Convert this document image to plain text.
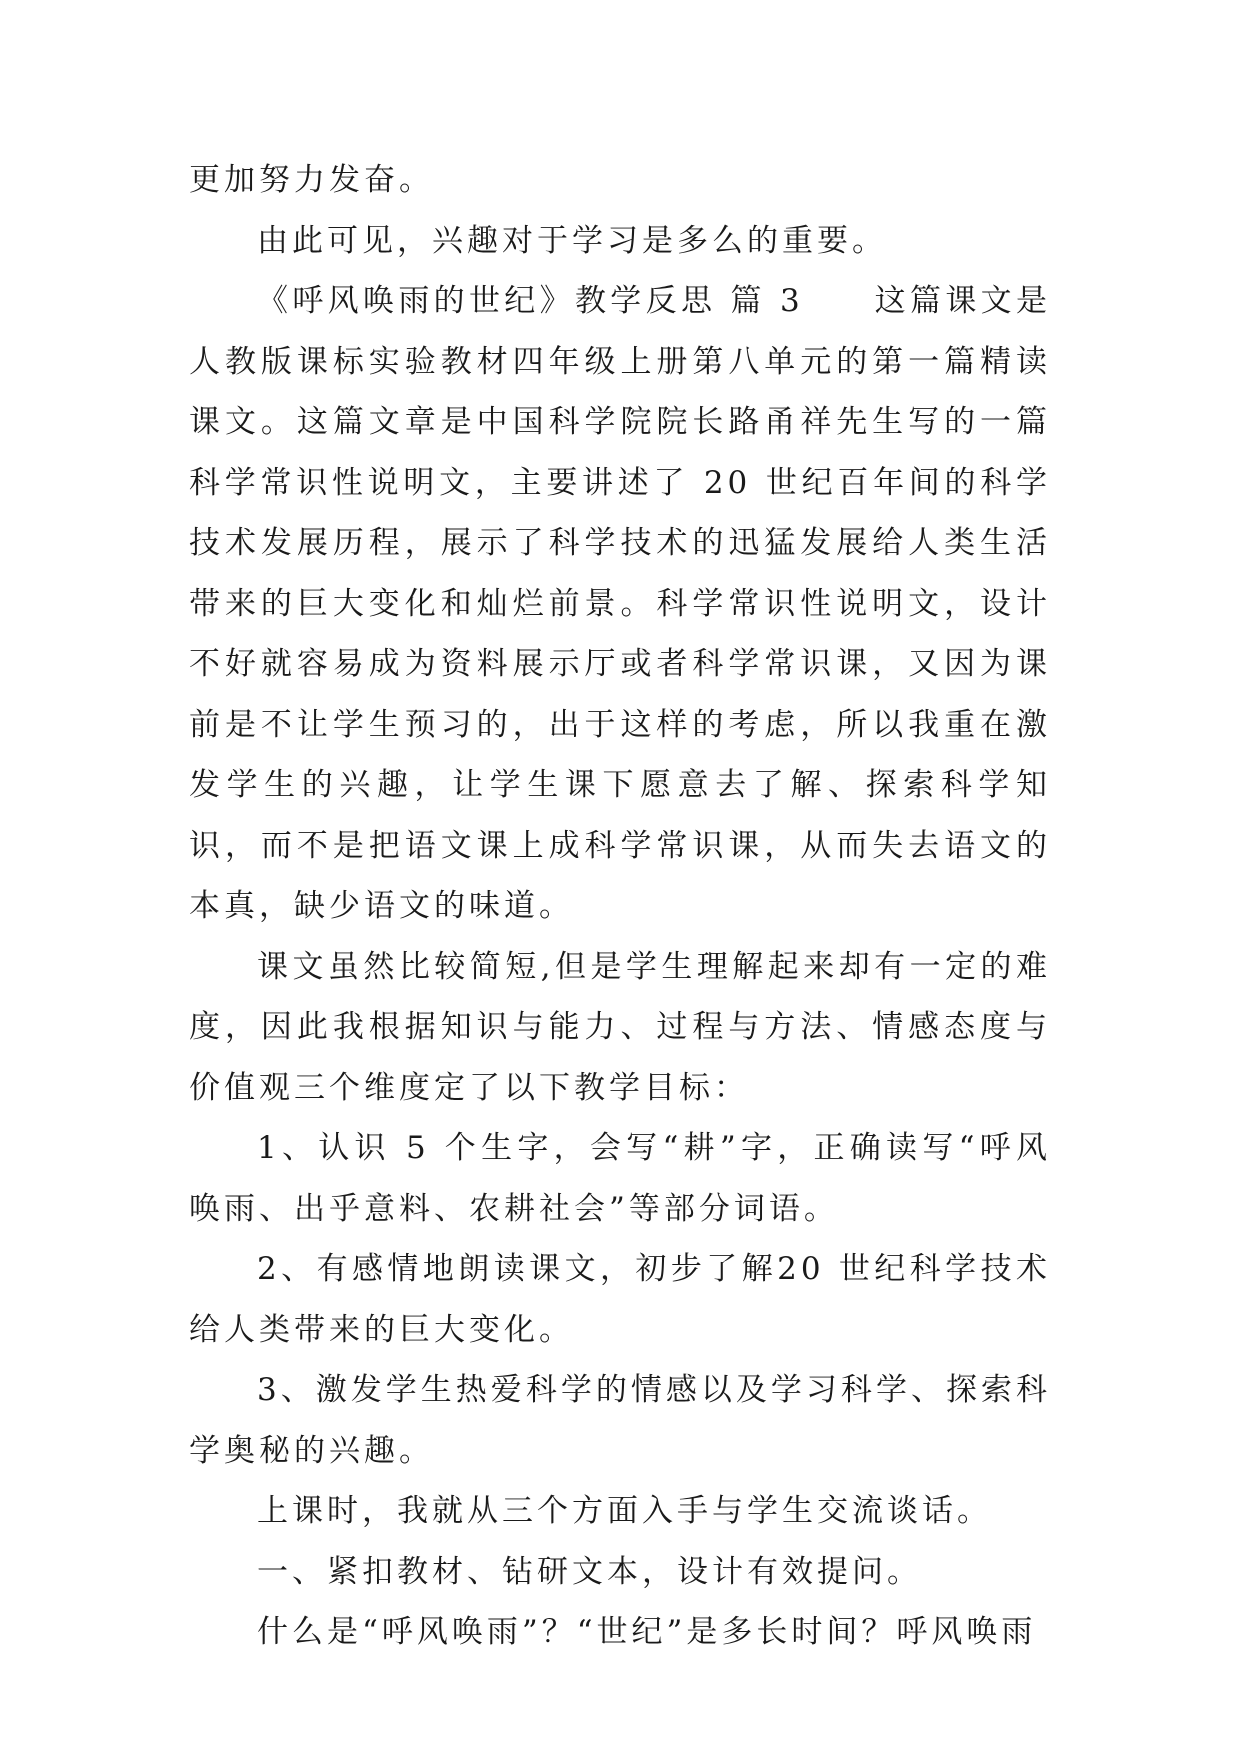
更加努力发奋。

由此可见，兴趣对于学习是多么的重要。

《呼风唤雨的世纪》教学反思 篇 3　　这篇课文是人教版课标实验教材四年级上册第八单元的第一篇精读课文。这篇文章是中国科学院院长路甬祥先生写的一篇科学常识性说明文，主要讲述了 20 世纪百年间的科学技术发展历程，展示了科学技术的迅猛发展给人类生活带来的巨大变化和灿烂前景。科学常识性说明文，设计不好就容易成为资料展示厅或者科学常识课，又因为课前是不让学生预习的，出于这样的考虑，所以我重在激发学生的兴趣，让学生课下愿意去了解、探索科学知识，而不是把语文课上成科学常识课，从而失去语文的本真，缺少语文的味道。

课文虽然比较简短,但是学生理解起来却有一定的难度，因此我根据知识与能力、过程与方法、情感态度与价值观三个维度定了以下教学目标：

1、认识 5 个生字，会写“耕”字，正确读写“呼风唤雨、出乎意料、农耕社会”等部分词语。

2、有感情地朗读课文，初步了解20 世纪科学技术给人类带来的巨大变化。

3、激发学生热爱科学的情感以及学习科学、探索科学奥秘的兴趣。

上课时，我就从三个方面入手与学生交流谈话。

一、紧扣教材、钻研文本，设计有效提问。

什么是“呼风唤雨”？“世纪”是多长时间？呼风唤雨
